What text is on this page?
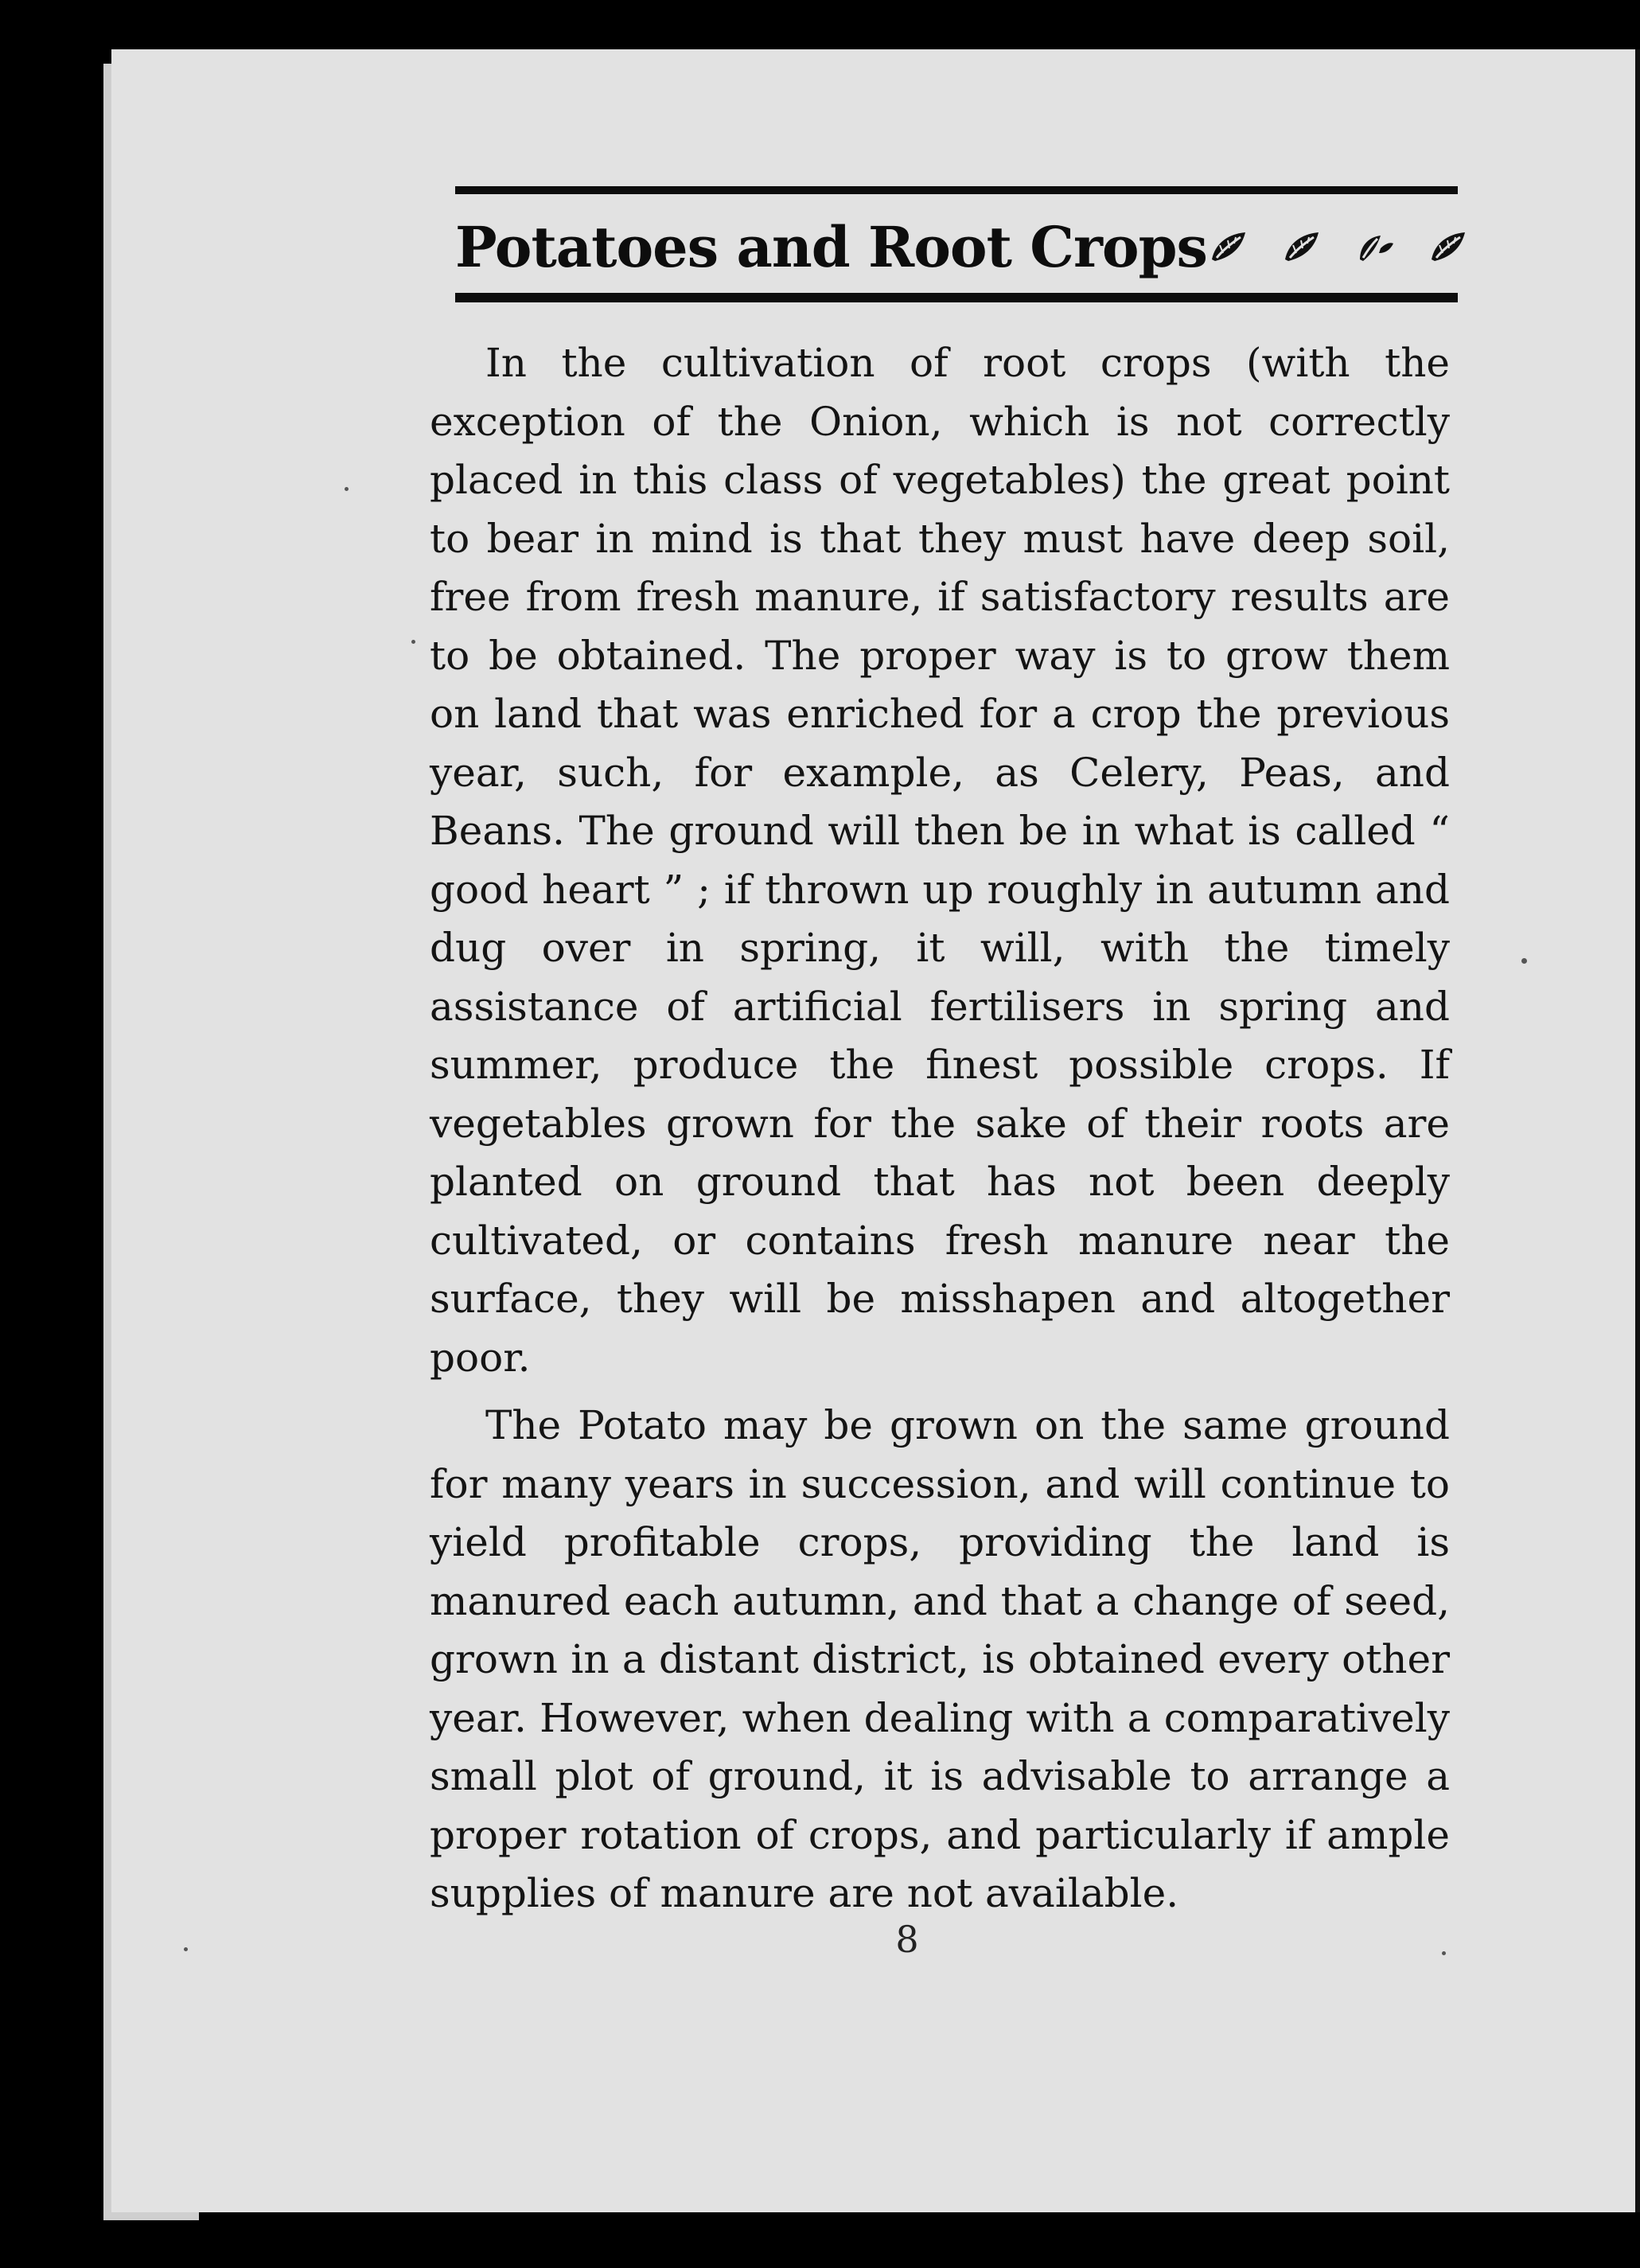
Potatoes and Root Crops

In the cultivation of root crops (with the exception of the Onion, which is not correctly placed in this class of vegetables) the great point to bear in mind is that they must have deep soil, free from fresh manure, if satisfactory results are to be obtained. The proper way is to grow them on land that was enriched for a crop the previous year, such, for example, as Celery, Peas, and Beans. The ground will then be in what is called “ good heart ” ; if thrown up roughly in autumn and dug over in spring, it will, with the timely assistance of artificial fertilisers in spring and summer, produce the finest possible crops. If vegetables grown for the sake of their roots are planted on ground that has not been deeply cultivated, or contains fresh manure near the surface, they will be misshapen and altogether poor.

The Potato may be grown on the same ground for many years in succession, and will continue to yield profitable crops, providing the land is manured each autumn, and that a change of seed, grown in a distant district, is obtained every other year. However, when dealing with a comparatively small plot of ground, it is advisable to arrange a proper rotation of crops, and particularly if ample supplies of manure are not available.

8
